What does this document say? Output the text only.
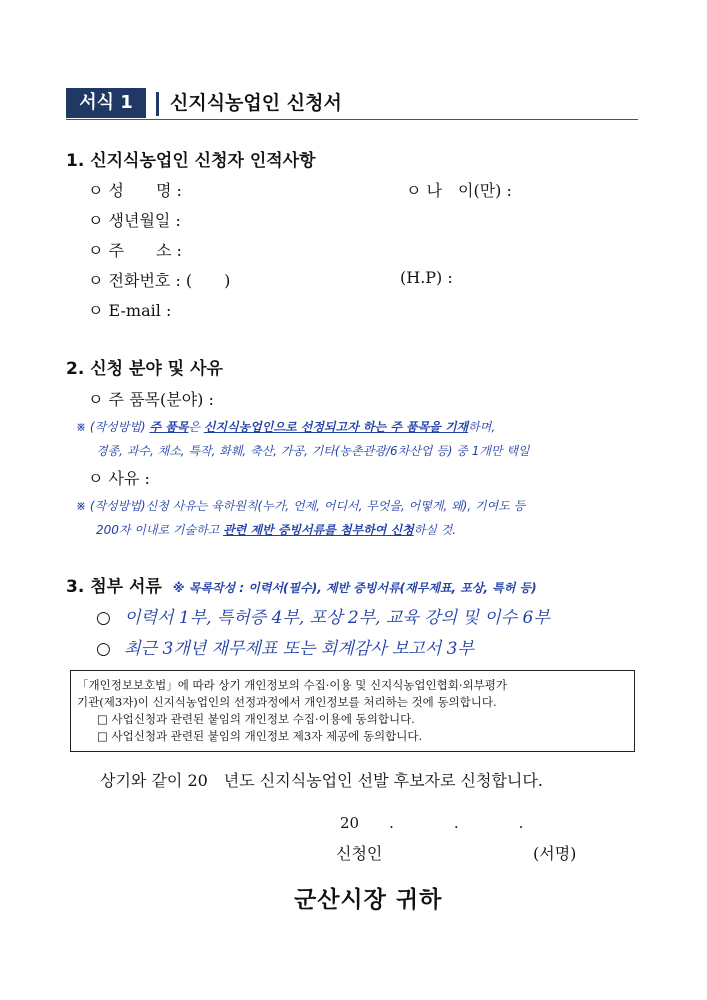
서식 1	신지식농업인 신청서
1. 신지식농업인 신청자 인적사항
ㅇ 성　　명 :	ㅇ 나　이(만) :
ㅇ 생년월일 :
ㅇ 주　　소 :
ㅇ 전화번호 : (　　)	(H.P) :
ㅇ E-mail :
2. 신청 분야 및 사유
ㅇ 주 품목(분야) :
※ (작성방법) 주 품목은 신지식농업인으로 선정되고자 하는 주 품목을 기재하며,
경종, 과수, 채소, 특작, 화훼, 축산, 가공, 기타(농촌관광/6차산업 등) 중 1개만 택일
ㅇ 사유 :
※ (작성방법)신청 사유는 육하원칙(누가, 언제, 어디서, 무엇을, 어떻게, 왜), 기여도 등
200자 이내로 기술하고 관련 제반 증빙서류를 첨부하여 신청하실 것.
3. 첨부 서류 ※ 목록작성 : 이력서(필수), 제반 증빙서류(재무제표, 포상, 특허 등)
○ 이력서 1부, 특허증 4부, 포상 2부, 교육 강의 및 이수 6부
○ 최근 3개년 재무제표 또는 회계감사 보고서 3부
「개인정보보호법」에 따라 상기 개인정보의 수집·이용 및 신지식농업인협회·외부평가
기관(제3자)이 신지식농업인의 선정과정에서 개인정보를 처리하는 것에 동의합니다.
□ 사업신청과 관련된 붙임의 개인정보 수집·이용에 동의합니다.
□ 사업신청과 관련된 붙임의 개인정보 제3자 제공에 동의합니다.
상기와 같이 20　년도 신지식농업인 선발 후보자로 신청합니다.
20　　.　　　　.　　　　.
신청인	(서명)
군산시장 귀하
